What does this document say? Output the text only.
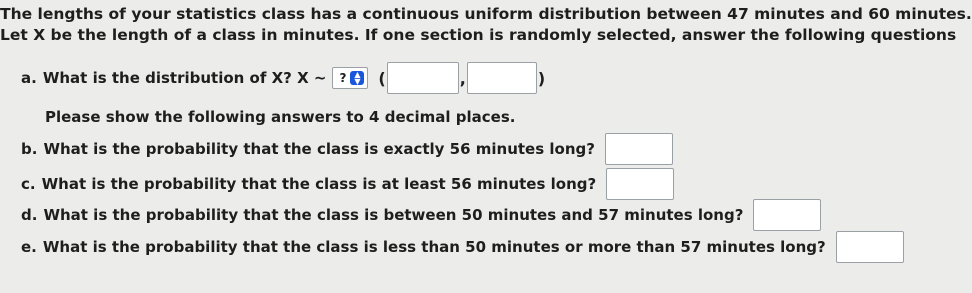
The lengths of your statistics class has a continuous uniform distribution between 47 minutes and 60 minutes.
Let X be the length of a class in minutes. If one section is randomly selected, answer the following questions
a. What is the distribution of X? X ~ ? ▲
▼ (	,	)
Please show the following answers to 4 decimal places.
b. What is the probability that the class is exactly 56 minutes long?
c. What is the probability that the class is at least 56 minutes long?
d. What is the probability that the class is between 50 minutes and 57 minutes long?
e. What is the probability that the class is less than 50 minutes or more than 57 minutes long?
